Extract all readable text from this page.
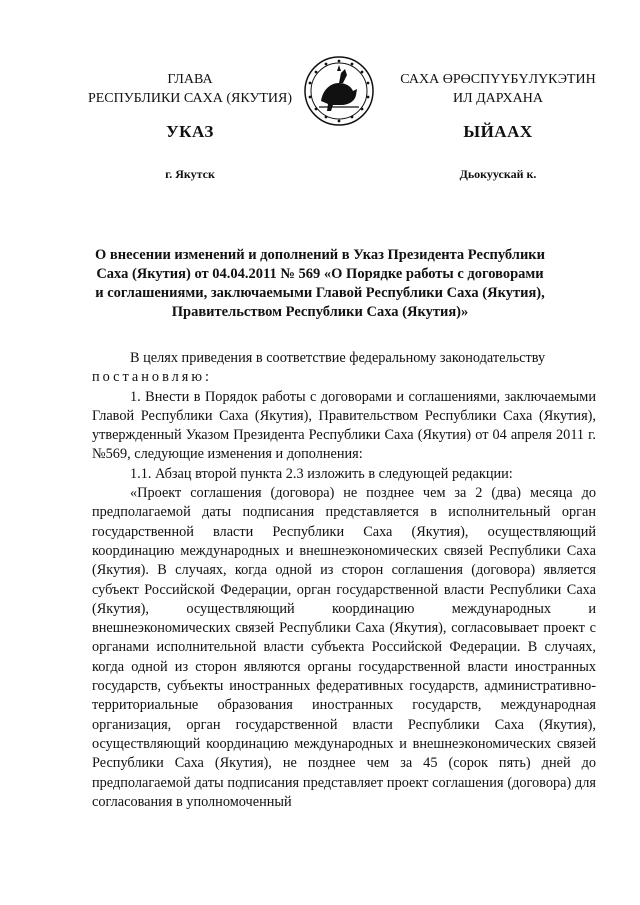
ГЛАВА
РЕСПУБЛИКИ САХА (ЯКУТИЯ)
САХА ӨРӨСПҮҮБҮЛҮКЭТИН
ИЛ ДАРХАНА
УКАЗ	ЫЙААХ
г. Якутск	Дьокуускай к.
О внесении изменений и дополнений в Указ Президента Республики Саха (Якутия) от 04.04.2011 № 569 «О Порядке работы с договорами и соглашениями, заключаемыми Главой Республики Саха (Якутия), Правительством Республики Саха (Якутия)»

В целях приведения в соответствие федеральному законодательству

постановляю:

1. Внести в Порядок работы с договорами и соглашениями, заключаемыми Главой Республики Саха (Якутия), Правительством Республики Саха (Якутия), утвержденный Указом Президента Республики Саха (Якутия) от 04 апреля 2011 г. №569, следующие изменения и дополнения:

1.1. Абзац второй пункта 2.3 изложить в следующей редакции:

«Проект соглашения (договора) не позднее чем за 2 (два) месяца до предполагаемой даты подписания представляется в исполнительный орган государственной власти Республики Саха (Якутия), осуществляющий координацию международных и внешнеэкономических связей Республики Саха (Якутия). В случаях, когда одной из сторон соглашения (договора) является субъект Российской Федерации, орган государственной власти Республики Саха (Якутия), осуществляющий координацию международных и внешнеэкономических связей Республики Саха (Якутия), согласовывает проект с органами исполнительной власти субъекта Российской Федерации. В случаях, когда одной из сторон являются органы государственной власти иностранных государств, субъекты иностранных федеративных государств, административно-территориальные образования иностранных государств, международная организация, орган государственной власти Республики Саха (Якутия), осуществляющий координацию международных и внешнеэкономических связей Республики Саха (Якутия), не позднее чем за 45 (сорок пять) дней до предполагаемой даты подписания представляет проект соглашения (договора) для согласования в уполномоченный
